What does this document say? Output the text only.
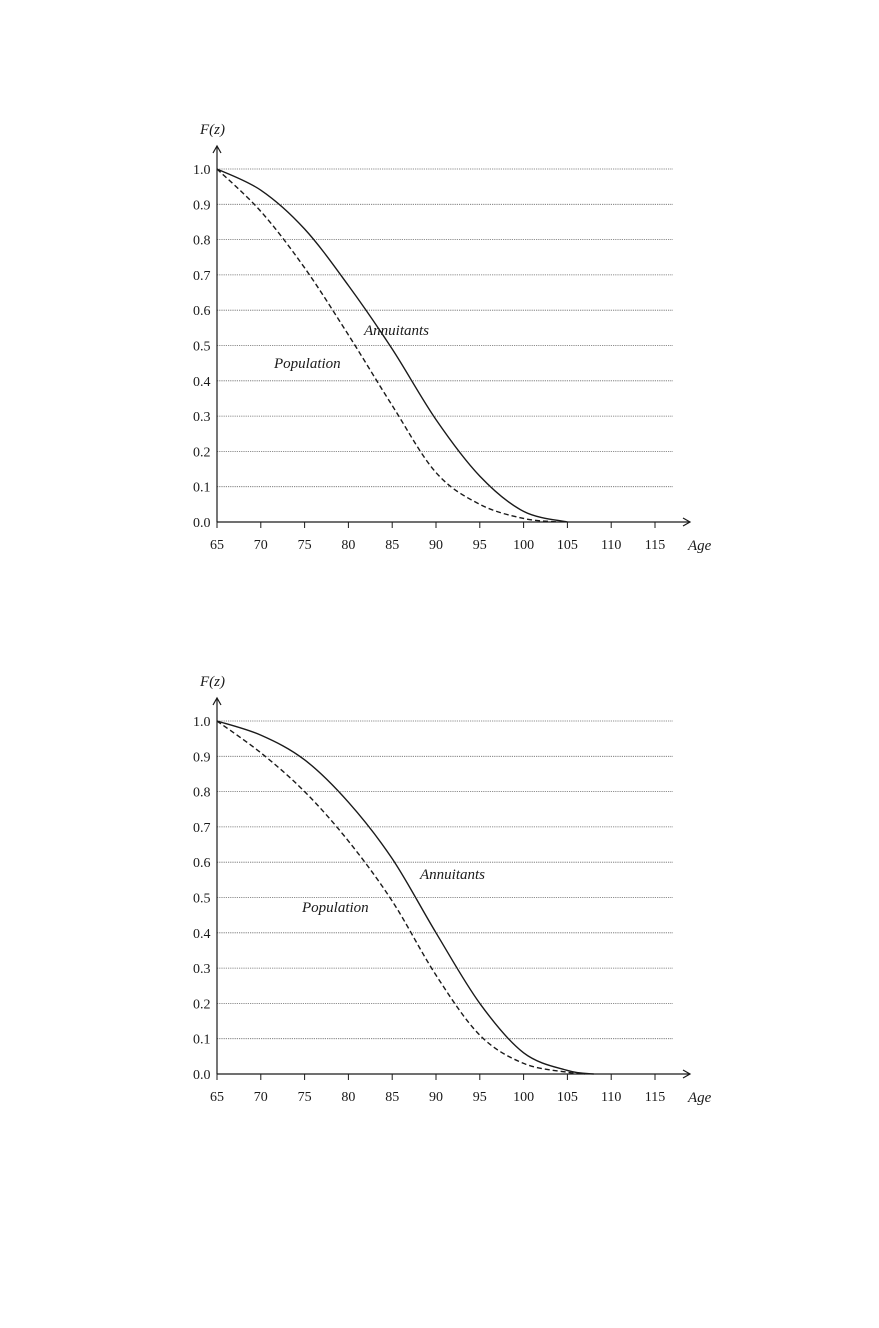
65 70 75 80 85 90 95 100 105 110 115
0.0
0.1
0.2
0.3
0.4
0.5
0.6
0.7
0.8
0.9
1.0
F(z)
Age
Annuitants
Population
65 70 75 80 85 90 95 100 105 110 115
0.0
0.1
0.2
0.3
0.4
0.5
0.6
0.7
0.8
0.9
1.0
F(z)
Age
Annuitants
Population
